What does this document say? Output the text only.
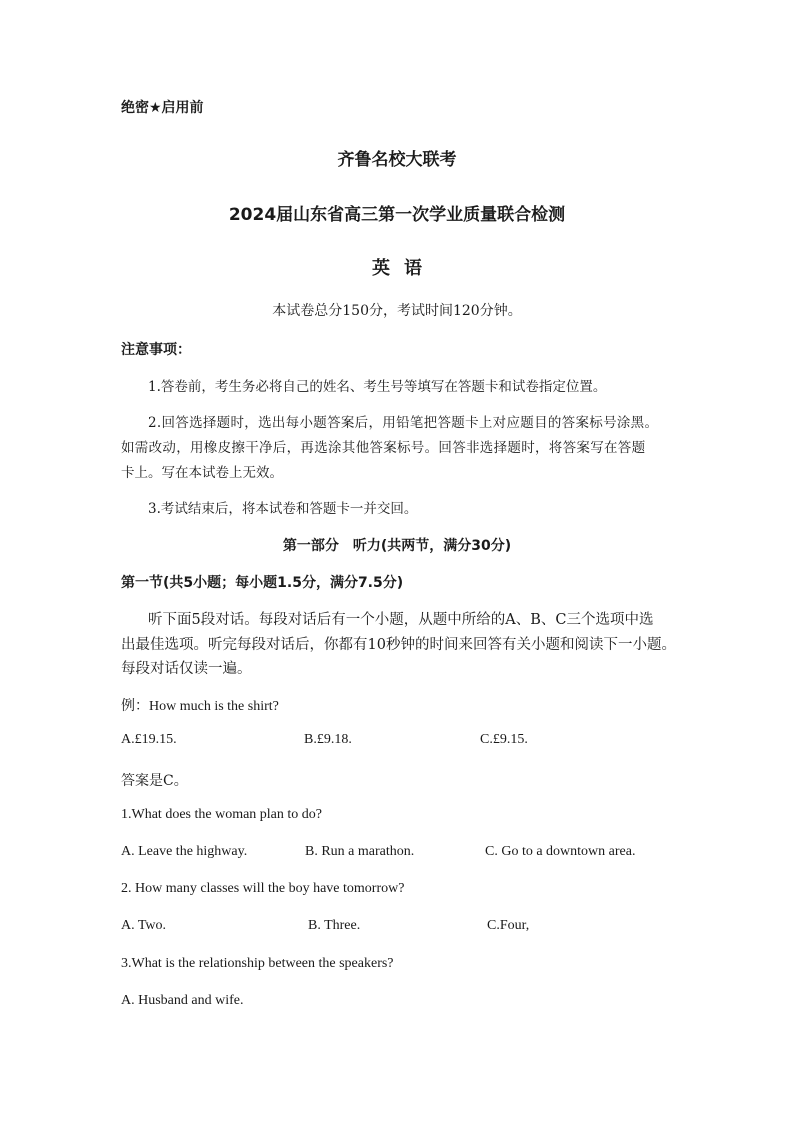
绝密★启用前
齐鲁名校大联考
2024届山东省高三第一次学业质量联合检测
英语
本试卷总分150分，考试时间120分钟。
注意事项：
1.答卷前，考生务必将自己的姓名、考生号等填写在答题卡和试卷指定位置。
2.回答选择题时，选出每小题答案后，用铅笔把答题卡上对应题目的答案标号涂黑。
如需改动，用橡皮擦干净后，再选涂其他答案标号。回答非选择题时，将答案写在答题
卡上。写在本试卷上无效。
3.考试结束后，将本试卷和答题卡一并交回。
第一部分　听力(共两节，满分30分)
第一节(共5小题；每小题1.5分，满分7.5分)
听下面5段对话。每段对话后有一个小题，从题中所给的A、B、C三个选项中选
出最佳选项。听完每段对话后，你都有10秒钟的时间来回答有关小题和阅读下一小题。
每段对话仅读一遍。
例：How much is the shirt?
A.£19.15.	B.£9.18.	C.£9.15.
答案是C。
1.What does the woman plan to do?
A. Leave the highway.	B. Run a marathon.	C. Go to a downtown area.
2. How many classes will the boy have tomorrow?
A. Two.	B. Three.	C.Four,
3.What is the relationship between the speakers?
A. Husband and wife.
